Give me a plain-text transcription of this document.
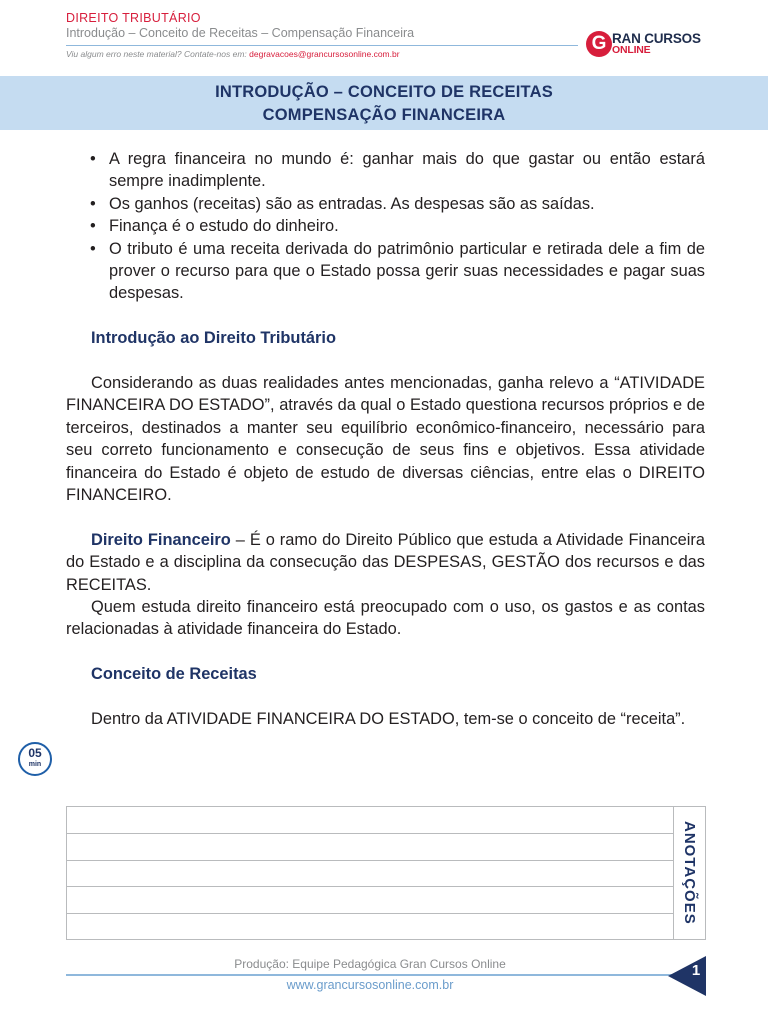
DIREITO TRIBUTÁRIO
Introdução – Conceito de Receitas – Compensação Financeira
Viu algum erro neste material? Contate-nos em: degravacoes@grancursosonline.com.br	G RAN CURSOS
ONLINE
INTRODUÇÃO – CONCEITO DE RECEITAS
COMPENSAÇÃO FINANCEIRA
• A regra financeira no mundo é: ganhar mais do que gastar ou então estará sempre inadimplente.
• Os ganhos (receitas) são as entradas. As despesas são as saídas.
• Finança é o estudo do dinheiro.
• O tributo é uma receita derivada do patrimônio particular e retirada dele a fim de prover o recurso para que o Estado possa gerir suas necessidades e pagar suas despesas.
Introdução ao Direito Tributário

Considerando as duas realidades antes mencionadas, ganha relevo a “ATIVIDADE FINANCEIRA DO ESTADO”, através da qual o Estado questiona recursos próprios e de terceiros, destinados a manter seu equilíbrio econômico-financeiro, necessário para seu correto funcionamento e consecução de seus fins e objetivos. Essa atividade financeira do Estado é objeto de estudo de diversas ciências, entre elas o DIREITO FINANCEIRO.

Direito Financeiro – É o ramo do Direito Público que estuda a Atividade Financeira do Estado e a disciplina da consecução das DESPESAS, GESTÃO dos recursos e das RECEITAS.

Quem estuda direito financeiro está preocupado com o uso, os gastos e as contas relacionadas à atividade financeira do Estado.

Conceito de Receitas

Dentro da ATIVIDADE FINANCEIRA DO ESTADO, tem-se o conceito de “receita”.

05
min
ANOTAÇÕES
Produção: Equipe Pedagógica Gran Cursos Online
www.grancursosonline.com.br
1
